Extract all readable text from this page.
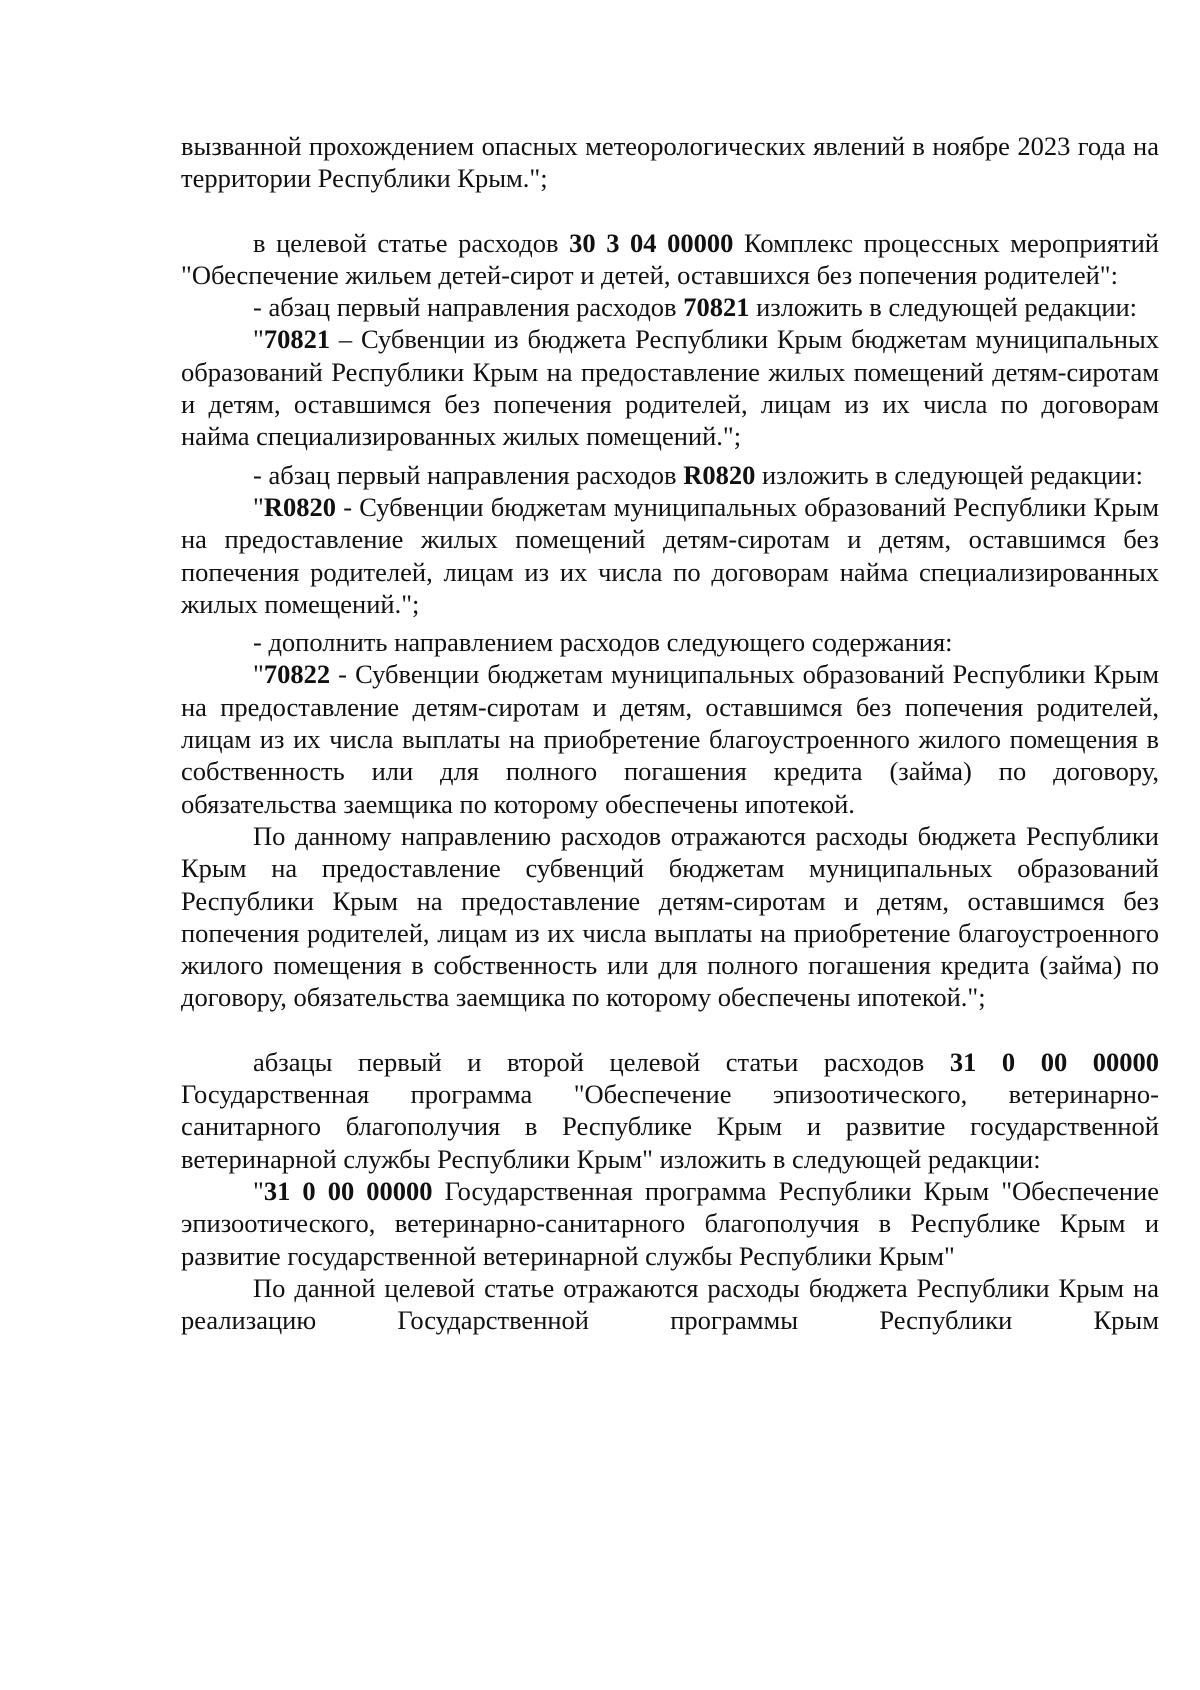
вызванной прохождением опасных метеорологических явлений в ноябре 2023 года на территории Республики Крым.";

в целевой статье расходов 30 3 04 00000 Комплекс процессных мероприятий "Обеспечение жильем детей-сирот и детей, оставшихся без попечения родителей":

- абзац первый направления расходов 70821 изложить в следующей редакции:

"70821 – Субвенции из бюджета Республики Крым бюджетам муниципальных образований Республики Крым на предоставление жилых помещений детям-сиротам и детям, оставшимся без попечения родителей, лицам из их числа по договорам найма специализированных жилых помещений.";

- абзац первый направления расходов R0820 изложить в следующей редакции:

"R0820 - Субвенции бюджетам муниципальных образований Республики Крым на предоставление жилых помещений детям-сиротам и детям, оставшимся без попечения родителей, лицам из их числа по договорам найма специализированных жилых помещений.";

- дополнить направлением расходов следующего содержания:

"70822 - Субвенции бюджетам муниципальных образований Республики Крым на предоставление детям-сиротам и детям, оставшимся без попечения родителей, лицам из их числа выплаты на приобретение благоустроенного жилого помещения в собственность или для полного погашения кредита (займа) по договору, обязательства заемщика по которому обеспечены ипотекой.

По данному направлению расходов отражаются расходы бюджета Республики Крым на предоставление субвенций бюджетам муниципальных образований Республики Крым на предоставление детям-сиротам и детям, оставшимся без попечения родителей, лицам из их числа выплаты на приобретение благоустроенного жилого помещения в собственность или для полного погашения кредита (займа) по договору, обязательства заемщика по которому обеспечены ипотекой.";

абзацы первый и второй целевой статьи расходов 31 0 00 00000 Государственная программа "Обеспечение эпизоотического, ветеринарно-санитарного благополучия в Республике Крым и развитие государственной ветеринарной службы Республики Крым" изложить в следующей редакции:

"31 0 00 00000 Государственная программа Республики Крым "Обеспечение эпизоотического, ветеринарно-санитарного благополучия в Республике Крым и развитие государственной ветеринарной службы Республики Крым"

По данной целевой статье отражаются расходы бюджета Республики Крым на реализацию Государственной программы Республики Крым
